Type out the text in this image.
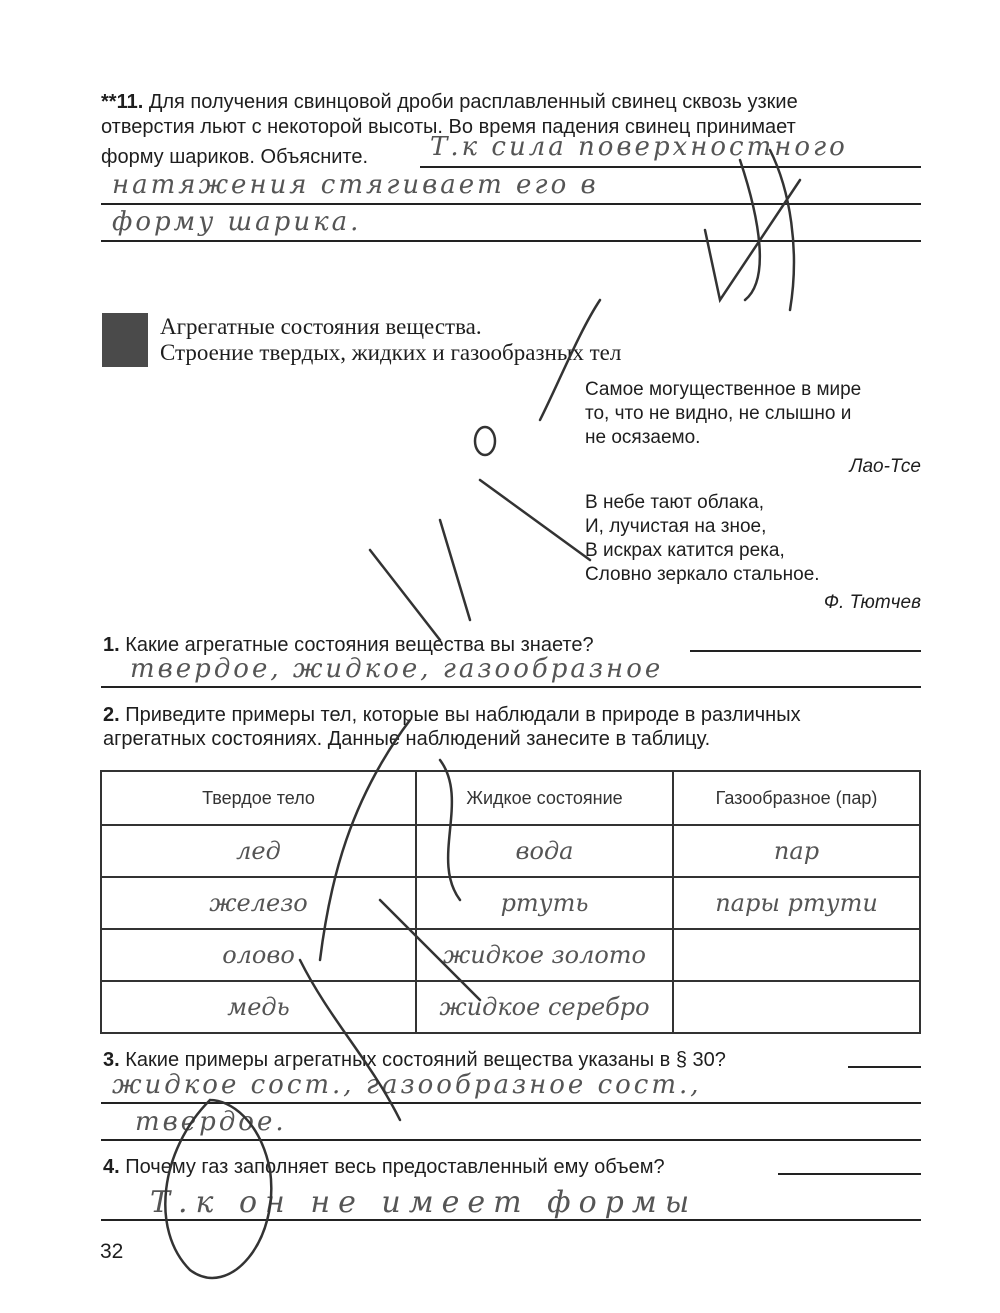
**11. Для получения свинцовой дроби расплавленный свинец сквозь узкие
отверстия льют с некоторой высоты. Во время падения свинец принимает
форму шариков. Объясните. Т.к сила поверхностного
натяжения стягивает его в
форму шарика.
Агрегатные состояния вещества.
Строение твердых, жидких и газообразных тел
Самое могущественное в мире
то, что не видно, не слышно и
не осязаемо.
Лао-Тсе
В небе тают облака,
И, лучистая на зное,
В искрах катится река,
Словно зеркало стальное.
Ф. Тютчев
1. Какие агрегатные состояния вещества вы знаете?
твердое, жидкое, газообразное
2. Приведите примеры тел, которые вы наблюдали в природе в различных
агрегатных состояниях. Данные наблюдений занесите в таблицу.
Твердое тело	Жидкое состояние	Газообразное (пар)
лед	вода	пар
железо	ртуть	пары ртути
олово	жидкое золото	
медь	жидкое серебро	
3. Какие примеры агрегатных состояний вещества указаны в § 30?
жидкое сост., газообразное сост.,
твердое.
4. Почему газ заполняет весь предоставленный ему объем?
Т.к он не имеет формы
32
